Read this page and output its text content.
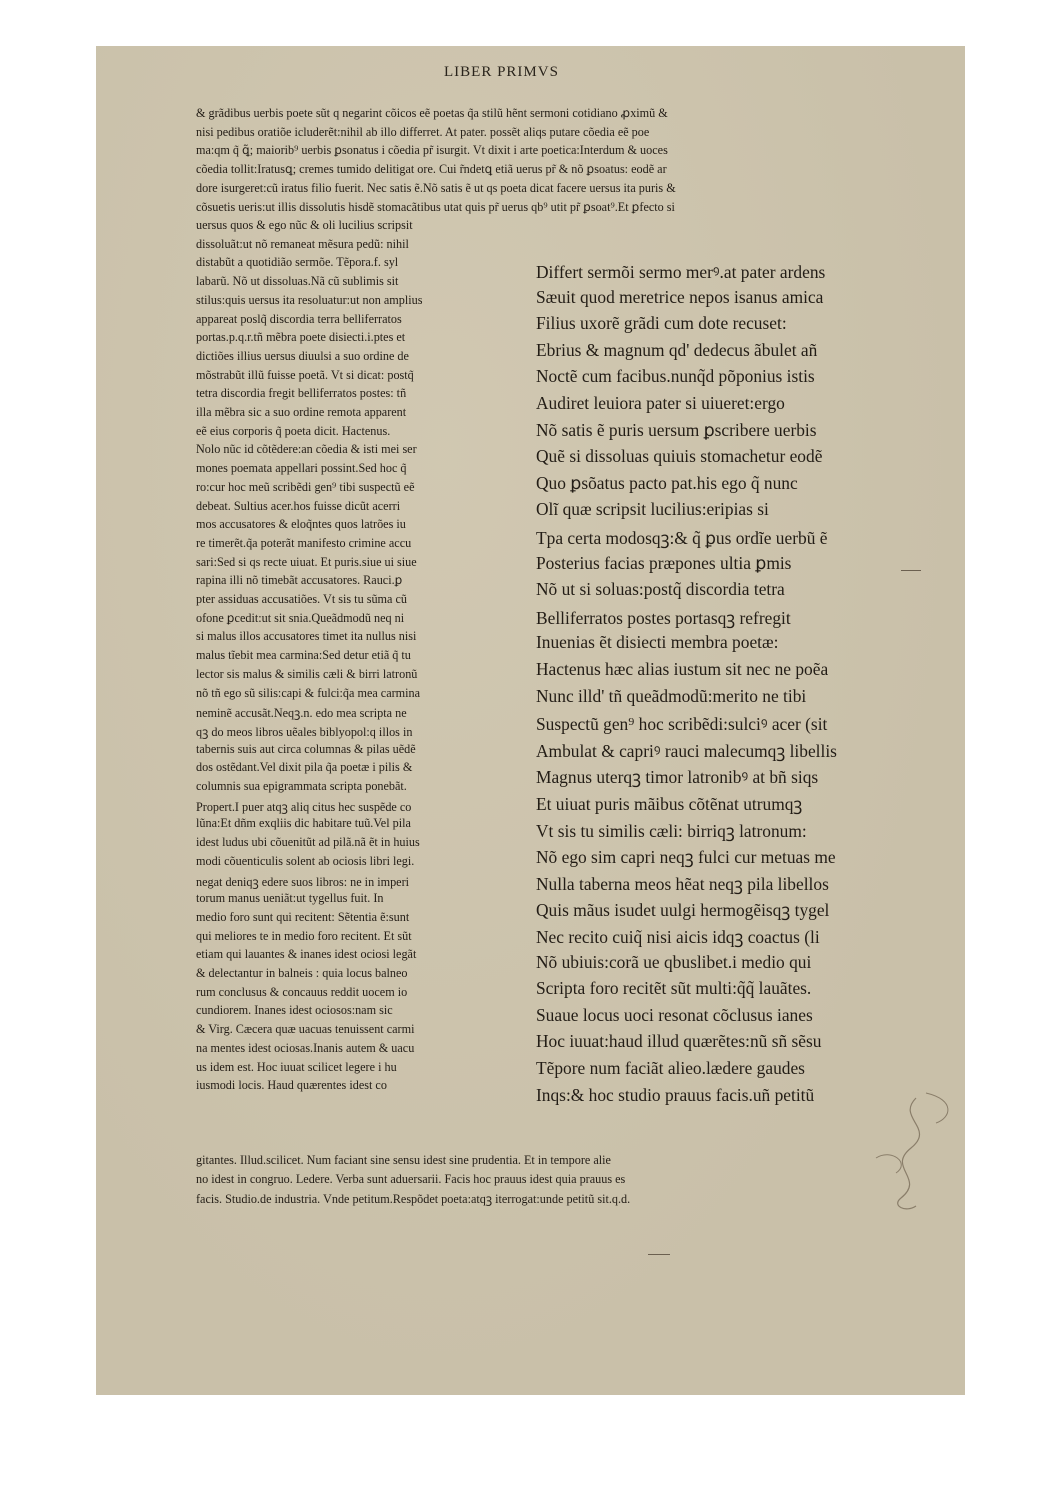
LIBER PRIMVS
& grãdibus uerbis poete sũt q negarint cõicos eẽ poetas q̃a stilũ hẽnt sermoni cotidiano ꝓximũ &
nisi pedibus oratiõe icluderẽt:nihil ab illo differret. At pater. possẽt aliqs putare cõedia eẽ poe
ma:qm q̃ ꝗ̃; maiorib⁹ uerbis ꝑsonatus i cõedia pr̃ isurgit. Vt dixit i arte poetica:Interdum & uoces
cõedia tollit:Iratusꝗ; cremes tumido delitigat ore. Cui r̃ndetꝗ etiã uerus pr̃ & nõ ꝑsoatus: eodẽ ar
dore isurgeret:cũ iratus filio fuerit. Nec satis ẽ.Nõ satis ẽ ut qs poeta dicat facere uersus ita puris &
cõsuetis ueris:ut illis dissolutis hisdẽ stomacãtibus utat quis pr̃ uerus qb⁹ utit pr̃ ꝑsoat⁹.Et ꝑfecto si
uersus quos & ego nũc & oli lucilius scripsit
dissoluãt:ut nõ remaneat mẽsura pedũ: nihil
distabũt a quotidião sermõe. Tẽpora.f. syl
labarũ. Nõ ut dissoluas.Nã cũ sublimis sit
stilus:quis uersus ita resoluatur:ut non amplius
appareat poslq̃ discordia terra belliferratos
portas.p.q.r.tñ mẽbra poete disiecti.i.ptes et
dictiões illius uersus diuulsi a suo ordine de
mõstrabũt illũ fuisse poetã. Vt si dicat: postq̃
tetra discordia fregit belliferratos postes: tñ
illa mẽbra sic a suo ordine remota apparent
eẽ eius corporis q̃ poeta dicit. Hactenus.
Nolo nũc id cõtẽdere:an cõedia & isti mei ser
mones poemata appellari possint.Sed hoc q̃
ro:cur hoc meũ scribẽdi gen⁹ tibi suspectũ eẽ
debeat. Sultius acer.hos fuisse dicũt acerri
mos accusatores & eloq̃ntes quos latrões iu
re timerẽt.q̃a poterãt manifesto crimine accu
sari:Sed si qs recte uiuat. Et puris.siue ui siue
rapina illi nõ timebãt accusatores. Rauci.ꝑ
pter assiduas accusatiões. Vt sis tu sũma cũ
ofone ꝑcedit:ut sit snia.Queãdmodũ neq ni
si malus illos accusatores timet ita nullus nisi
malus tĩebit mea carmina:Sed detur etiã q̃ tu
lector sis malus & similis cæli & birri latronũ
nõ tñ ego sũ silis:capi & fulci:q̃a mea carmina
neminẽ accusãt.Neqꝫ.n. edo mea scripta ne
qꝫ do meos libros uẽales biblyopol:q illos in
tabernis suis aut circa columnas & pilas uẽdẽ
dos ostẽdant.Vel dixit pila q̃a poetæ i pilis &
columnis sua epigrammata scripta ponebãt.
Propert.I puer atqꝫ aliq citus hec suspẽde co
lũna:Et dñm exqliis dic habitare tuũ.Vel pila
idest ludus ubi cõuenitũt ad pilã.nã ẽt in huius
modi cõuenticulis solent ab ociosis libri legi.
negat deniqꝫ edere suos libros: ne in imperi
torum manus ueniãt:ut tygellus fuit. In
medio foro sunt qui recitent: Sẽtentia ẽ:sunt
qui meliores te in medio foro recitent. Et sũt
etiam qui lauantes & inanes idest ociosi legãt
& delectantur in balneis : quia locus balneo
rum conclusus & concauus reddit uocem io
cundiorem. Inanes idest ociosos:nam sic
& Virg. Cæcera quæ uacuas tenuissent carmi
na mentes idest ociosas.Inanis autem & uacu
us idem est. Hoc iuuat scilicet legere i hu
iusmodi locis. Haud quærentes idest co
Differt sermõi sermo merꝰ.at pater ardens
Sæuit quod meretrice nepos isanus amica
Filius uxorẽ grãdi cum dote recuset:
Ebrius & magnum qd' dedecus ãbulet añ
Noctẽ cum facibus.nunq̃d põponius istis
Audiret leuiora pater si uiueret:ergo
Nõ satis ẽ puris uersum ꝑscribere uerbis
Quẽ si dissoluas quiuis stomachetur eodẽ
Quo ꝑsõatus pacto pat.his ego q̃ nunc
Olĩ quæ scripsit lucilius:eripias si
Tpa certa modosqꝫ:& q̃ ꝑus ordĩe uerbũ ẽ
Posterius facias præpones ultia ꝑmis
Nõ ut si soluas:postq̃ discordia tetra
Belliferratos postes portasqꝫ refregit
Inuenias ẽt disiecti membra poetæ:
Hactenus hæc alias iustum sit nec ne poẽa
Nunc illd' tñ queãdmodũ:merito ne tibi
Suspectũ gen⁹ hoc scribẽdi:sulciꝰ acer (sit
Ambulat & capriꝰ rauci malecumqꝫ libellis
Magnus uterqꝫ timor latronibꝰ at bñ siqs
Et uiuat puris mãibus cõtẽnat utrumqꝫ
Vt sis tu similis cæli: birriqꝫ latronum:
Nõ ego sim capri neqꝫ fulci cur metuas me
Nulla taberna meos hẽat neqꝫ pila libellos
Quis mãus isudet uulgi hermogẽisqꝫ tygel
Nec recito cuiq̃ nisi aicis idqꝫ coactus (li
Nõ ubiuis:corã ue qbuslibet.i medio qui
Scripta foro recitẽt sũt multi:q̃q̃ lauãtes.
Suaue locus uoci resonat cõclusus ianes
Hoc iuuat:haud illud quærẽtes:nũ sñ sẽsu
Tẽpore num faciãt alieo.lædere gaudes
Inqs:& hoc studio prauus facis.uñ petitũ
gitantes. Illud.scilicet. Num faciant sine sensu idest sine prudentia. Et in tempore alie
no idest in congruo. Ledere. Verba sunt aduersarii. Facis hoc prauus idest quia prauus es
facis. Studio.de industria. Vnde petitum.Respõdet poeta:atqꝫ iterrogat:unde petitũ sit.q.d.
